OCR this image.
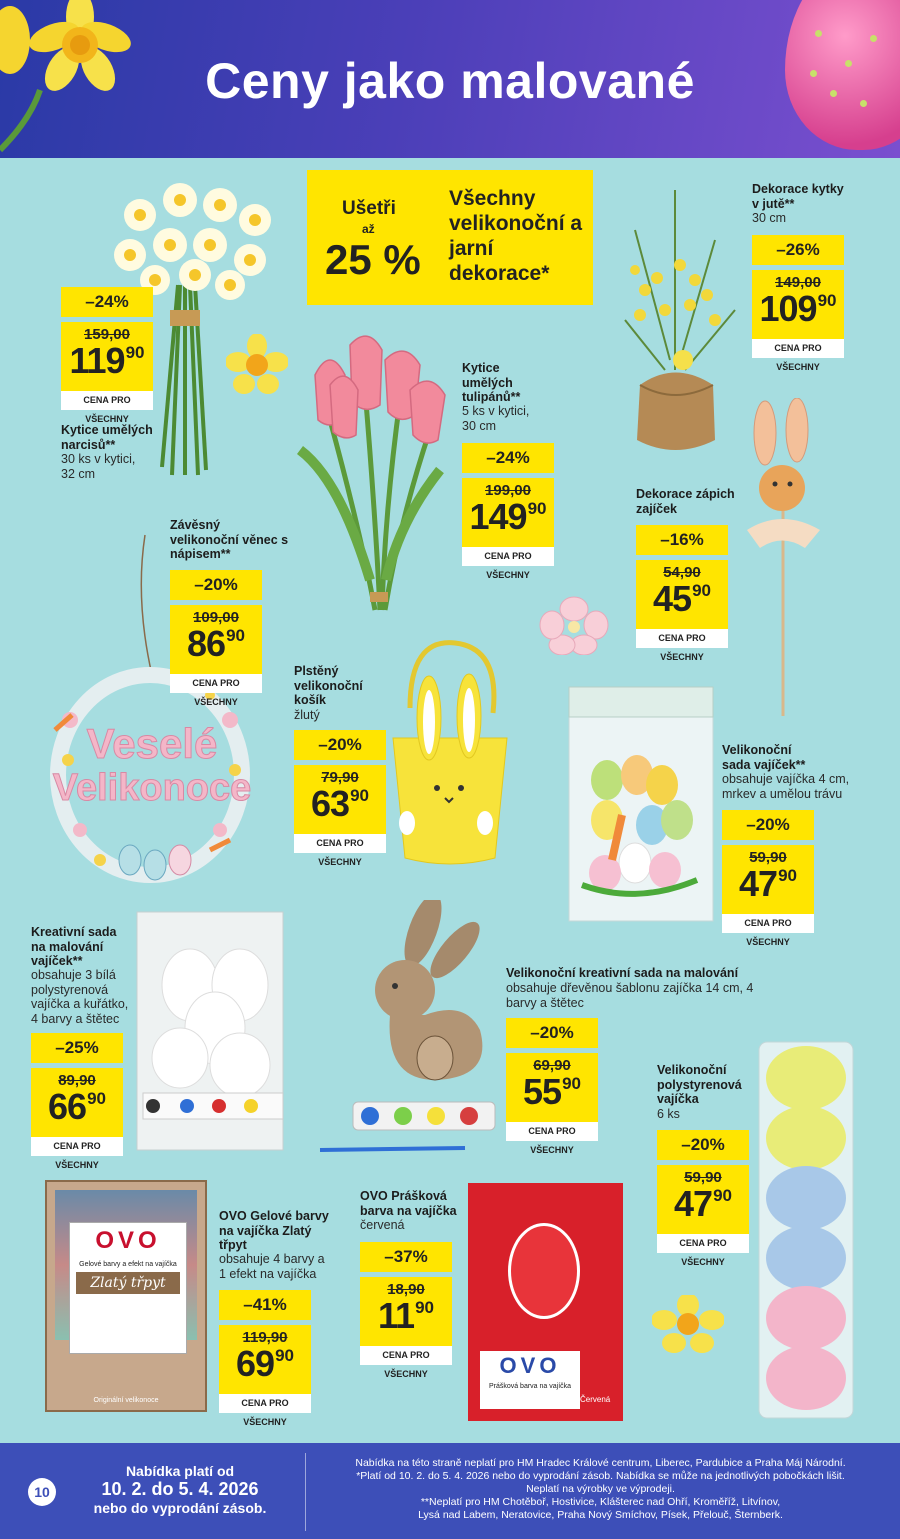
Ceny jako malované
Ušetři
až
25 %
Všechny velikonoční a jarní dekorace*
–24%
159,00
$119^{90}$
CENA PRO VŠECHNY
Kytice umělých narcisů**
30 ks v kytici, 32 cm
Kytice umělých tulipánů**
5 ks v kytici, 30 cm
–24%
199,00
$149^{90}$
CENA PRO VŠECHNY
Dekorace kytky v jutě**
30 cm
–26%
149,00
$109^{90}$
CENA PRO VŠECHNY
Dekorace zápich zajíček
–16%
54,90
$45^{90}$
CENA PRO VŠECHNY
Veselé
Velikonoce
Závěsný velikonoční věnec s nápisem**
–20%
109,00
$86^{90}$
CENA PRO VŠECHNY
Plstěný velikonoční košík
žlutý
–20%
79,90
$63^{90}$
CENA PRO VŠECHNY
Velikonoční sada vajíček**
obsahuje vajíčka 4 cm, mrkev a umělou trávu
–20%
59,90
$47^{90}$
CENA PRO VŠECHNY
Kreativní sada na malování vajíček**
obsahuje 3 bílá polystyrenová vajíčka a kuřátko, 4 barvy a štětec
–25%
89,90
$66^{90}$
CENA PRO VŠECHNY
Velikonoční kreativní sada na malování
obsahuje dřevěnou šablonu zajíčka 14 cm, 4 barvy a štětec
–20%
69,90
$55^{90}$
CENA PRO VŠECHNY
Velikonoční polystyrenová vajíčka
6 ks
–20%
59,90
$47^{90}$
CENA PRO VŠECHNY
OVO
Gelové barvy a efekt na vajíčka
Zlatý třpyt
Originální velikonoce
OVO Gelové barvy na vajíčka Zlatý třpyt
obsahuje 4 barvy a 1 efekt na vajíčka
–41%
119,90
$69^{90}$
CENA PRO VŠECHNY
OVO
Prášková barva na vajíčka
Červená
OVO Prášková barva na vajíčka
červená
–37%
18,90
$11^{90}$
CENA PRO VŠECHNY
10
Nabídka platí od
10. 2. do 5. 4. 2026
nebo do vyprodání zásob.
Nabídka na této straně neplatí pro HM Hradec Králové centrum, Liberec, Pardubice a Praha Máj Národní.
*Platí od 10. 2. do 5. 4. 2026 nebo do vyprodání zásob. Nabídka se může na jednotlivých pobočkách lišit.
Neplatí na výrobky ve výprodeji.
**Neplatí pro HM Chotěboř, Hostivice, Klášterec nad Ohří, Kroměříž, Litvínov,
Lysá nad Labem, Neratovice, Praha Nový Smíchov, Písek, Přelouč, Šternberk.
